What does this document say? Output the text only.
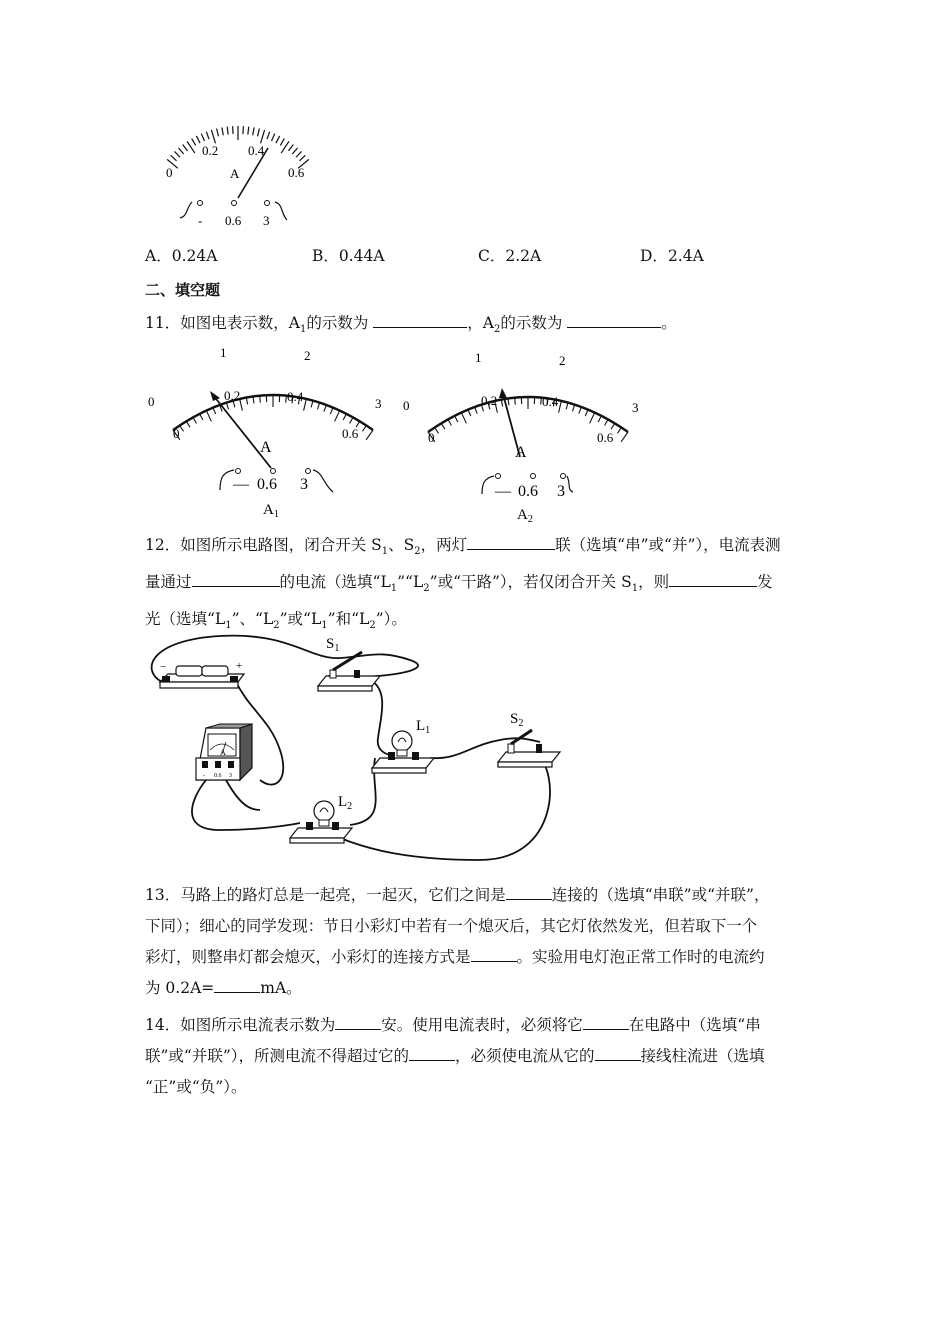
0
0.2 0.4
0.6
A
- 0.6 3
A．0.24A	B．0.44A	C．2.2A	D．2.4A
二、填空题
11．如图电表示数，$A_1$的示数为	，$A_2$的示数为	。
0
1	2
3
0
0.2	0.4
0.6
A
— 0.6 3
$A_1$
0
1	2
3
0
0.2	0.4
0.6
A
— 0.6 3
$A_2$
12．如图所示电路图，闭合开关 $S_1$、$S_2$，两灯	联（选填“串”或“并”），电流表测
量通过	的电流（选填“$L_1”“L_2$”或“干路”），若仅闭合开关 $S_1$，则	发
光（选填“$L_1$”、“$L_2$”或“$L_1$”和“$L_2$”）。
−	+
$S_1$
$L_1$
$S_2$
$L_2$
A
- 0.6 3
13．马路上的路灯总是一起亮，一起灭，它们之间是	连接的（选填“串联”或“并联”，
下同）；细心的同学发现：节日小彩灯中若有一个熄灭后，其它灯依然发光，但若取下一个
彩灯，则整串灯都会熄灭，小彩灯的连接方式是	。实验用电灯泡正常工作时的电流约
为 0.2A=	mA。
14．如图所示电流表示数为	安。使用电流表时，必须将它	在电路中（选填“串
联”或“并联”），所测电流不得超过它的	，必须使电流从它的	接线柱流进（选填
“正”或“负”）。
